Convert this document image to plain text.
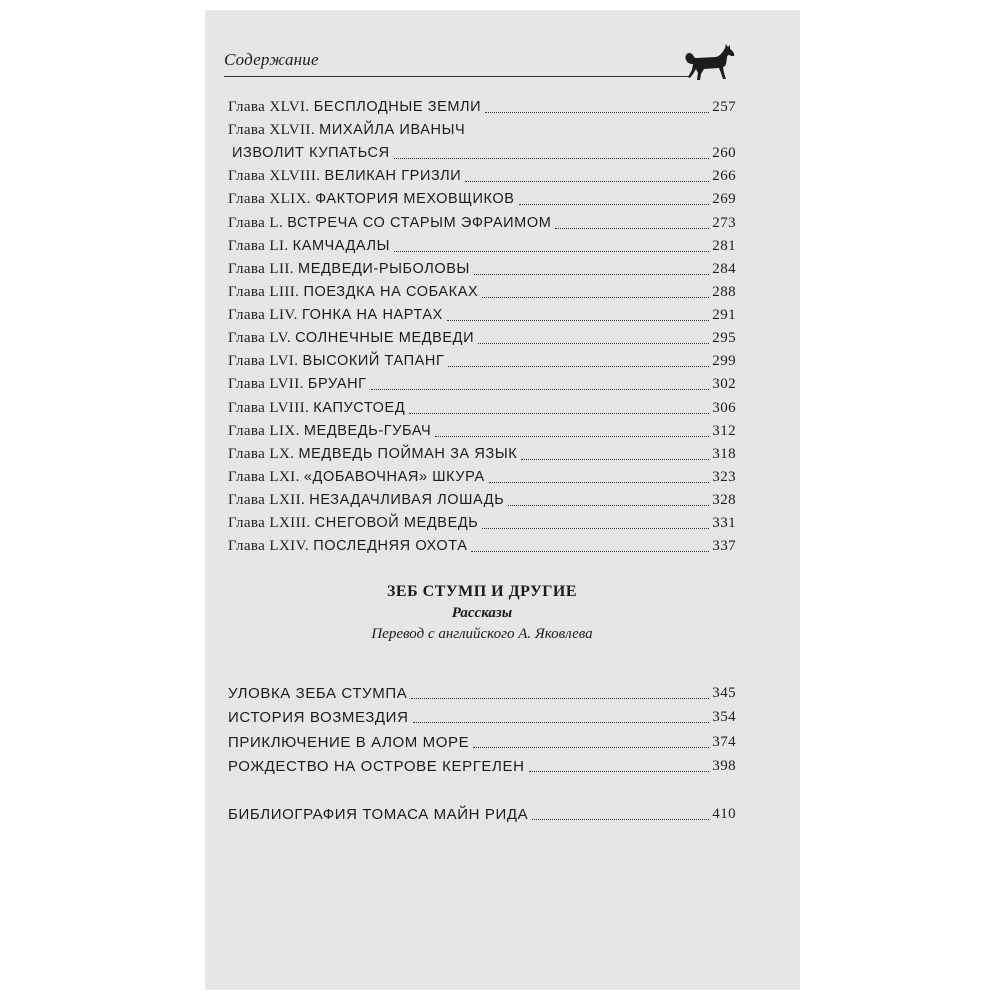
Содержание
Глава XLVI. БЕСПЛОДНЫЕ ЗЕМЛИ	257
Глава XLVII. МИХАЙЛА ИВАНЫЧ
ИЗВОЛИТ КУПАТЬСЯ	260
Глава XLVIII. ВЕЛИКАН ГРИЗЛИ	266
Глава XLIX. ФАКТОРИЯ МЕХОВЩИКОВ	269
Глава L. ВСТРЕЧА СО СТАРЫМ ЭФРАИМОМ	273
Глава LI. КАМЧАДАЛЫ	281
Глава LII. МЕДВЕДИ-РЫБОЛОВЫ	284
Глава LIII. ПОЕЗДКА НА СОБАКАХ	288
Глава LIV. ГОНКА НА НАРТАХ	291
Глава LV. СОЛНЕЧНЫЕ МЕДВЕДИ	295
Глава LVI. ВЫСОКИЙ ТАПАНГ	299
Глава LVII. БРУАНГ	302
Глава LVIII. КАПУСТОЕД	306
Глава LIX. МЕДВЕДЬ-ГУБАЧ	312
Глава LX. МЕДВЕДЬ ПОЙМАН ЗА ЯЗЫК	318
Глава LXI. «ДОБАВОЧНАЯ» ШКУРА	323
Глава LXII. НЕЗАДАЧЛИВАЯ ЛОШАДЬ	328
Глава LXIII. СНЕГОВОЙ МЕДВЕДЬ	331
Глава LXIV. ПОСЛЕДНЯЯ ОХОТА	337
ЗЕБ СТУМП И ДРУГИЕ
Рассказы
Перевод с английского А. Яковлева
УЛОВКА ЗЕБА СТУМПА	345
ИСТОРИЯ ВОЗМЕЗДИЯ	354
ПРИКЛЮЧЕНИЕ В АЛОМ МОРЕ	374
РОЖДЕСТВО НА ОСТРОВЕ КЕРГЕЛЕН	398
БИБЛИОГРАФИЯ ТОМАСА МАЙН РИДА	410
